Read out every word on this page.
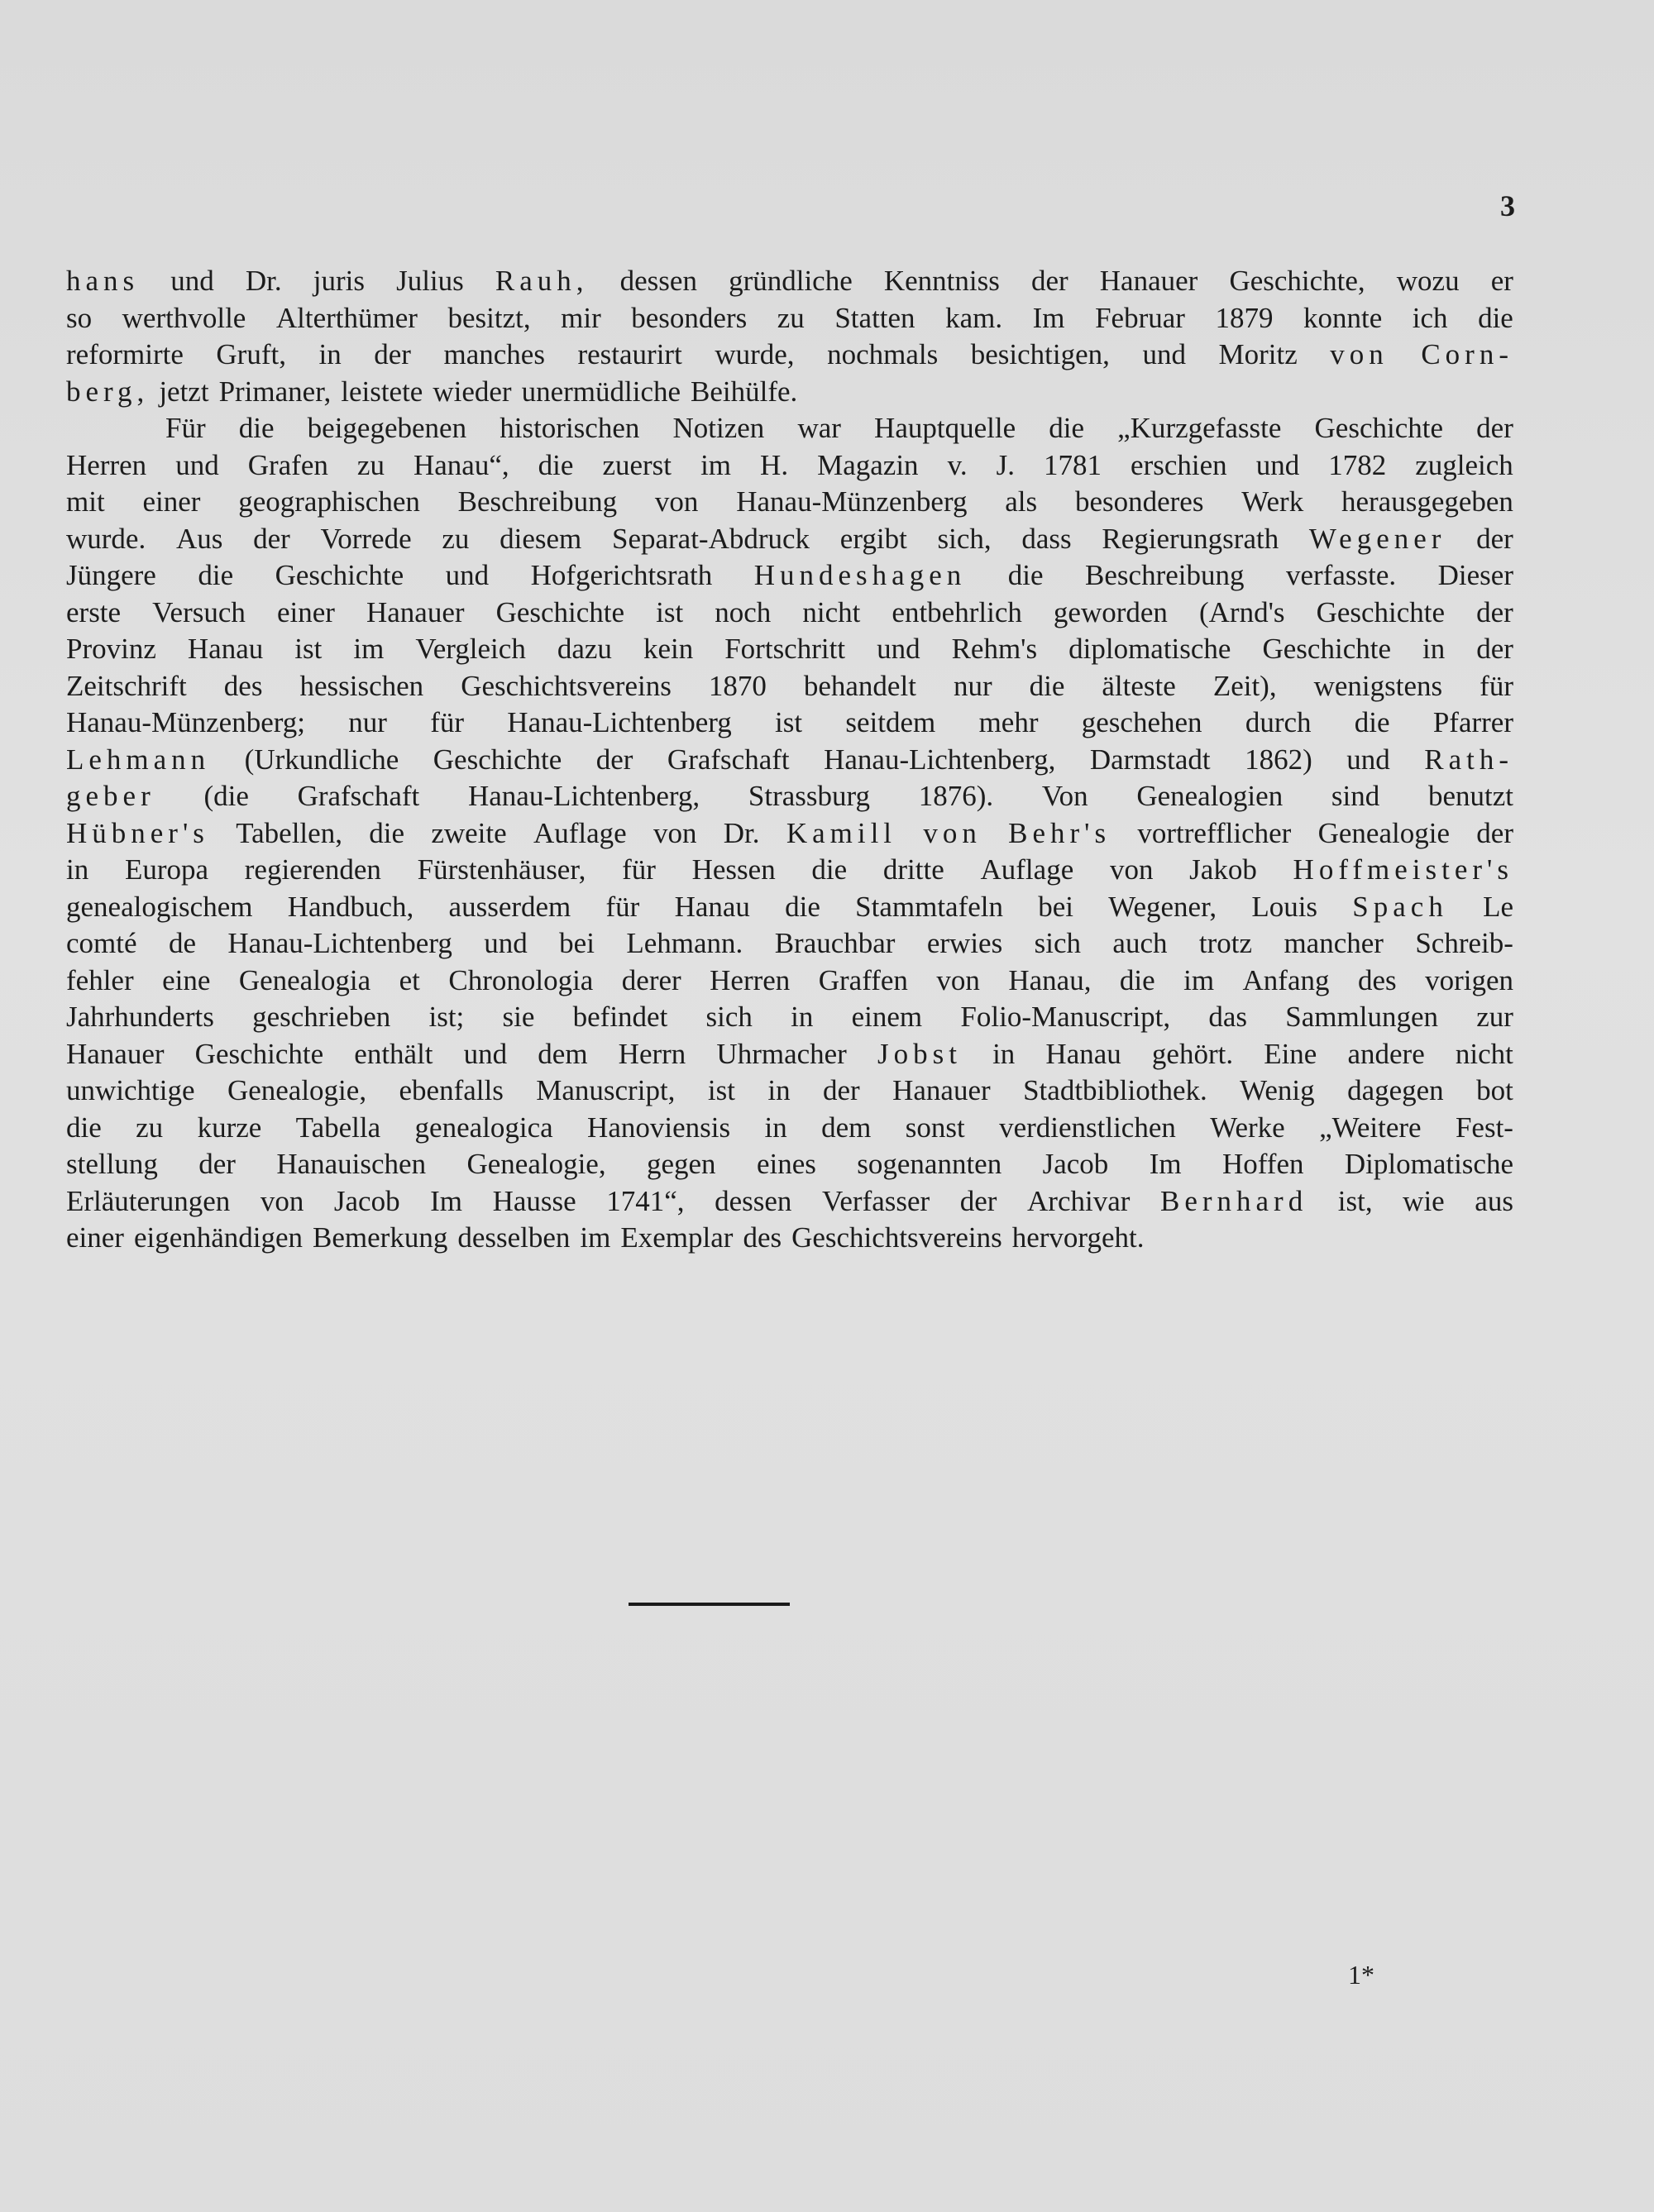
3
hans und Dr. juris Julius Rauh, dessen gründliche Kenntniss der Hanauer Geschichte, wozu er
so werthvolle Alterthümer besitzt, mir besonders zu Statten kam. Im Februar 1879 konnte ich die
reformirte Gruft, in der manches restaurirt wurde, nochmals besichtigen, und Moritz von Corn-
berg, jetzt Primaner, leistete wieder unermüdliche Beihülfe.
Für die beigegebenen historischen Notizen war Hauptquelle die „Kurzgefasste Geschichte der
Herren und Grafen zu Hanau“, die zuerst im H. Magazin v. J. 1781 erschien und 1782 zugleich
mit einer geographischen Beschreibung von Hanau-Münzenberg als besonderes Werk herausgegeben
wurde. Aus der Vorrede zu diesem Separat-Abdruck ergibt sich, dass Regierungsrath Wegener der
Jüngere die Geschichte und Hofgerichtsrath Hundeshagen die Beschreibung verfasste. Dieser
erste Versuch einer Hanauer Geschichte ist noch nicht entbehrlich geworden (Arnd's Geschichte der
Provinz Hanau ist im Vergleich dazu kein Fortschritt und Rehm's diplomatische Geschichte in der
Zeitschrift des hessischen Geschichtsvereins 1870 behandelt nur die älteste Zeit), wenigstens für
Hanau-Münzenberg; nur für Hanau-Lichtenberg ist seitdem mehr geschehen durch die Pfarrer
Lehmann (Urkundliche Geschichte der Grafschaft Hanau-Lichtenberg, Darmstadt 1862) und Rath-
geber (die Grafschaft Hanau-Lichtenberg, Strassburg 1876). Von Genealogien sind benutzt
Hübner's Tabellen, die zweite Auflage von Dr. Kamill von Behr's vortrefflicher Genealogie der
in Europa regierenden Fürstenhäuser, für Hessen die dritte Auflage von Jakob Hoffmeister's
genealogischem Handbuch, ausserdem für Hanau die Stammtafeln bei Wegener, Louis Spach Le
comté de Hanau-Lichtenberg und bei Lehmann. Brauchbar erwies sich auch trotz mancher Schreib-
fehler eine Genealogia et Chronologia derer Herren Graffen von Hanau, die im Anfang des vorigen
Jahrhunderts geschrieben ist; sie befindet sich in einem Folio-Manuscript, das Sammlungen zur
Hanauer Geschichte enthält und dem Herrn Uhrmacher Jobst in Hanau gehört. Eine andere nicht
unwichtige Genealogie, ebenfalls Manuscript, ist in der Hanauer Stadtbibliothek. Wenig dagegen bot
die zu kurze Tabella genealogica Hanoviensis in dem sonst verdienstlichen Werke „Weitere Fest-
stellung der Hanauischen Genealogie, gegen eines sogenannten Jacob Im Hoffen Diplomatische
Erläuterungen von Jacob Im Hausse 1741“, dessen Verfasser der Archivar Bernhard ist, wie aus
einer eigenhändigen Bemerkung desselben im Exemplar des Geschichtsvereins hervorgeht.
1*
